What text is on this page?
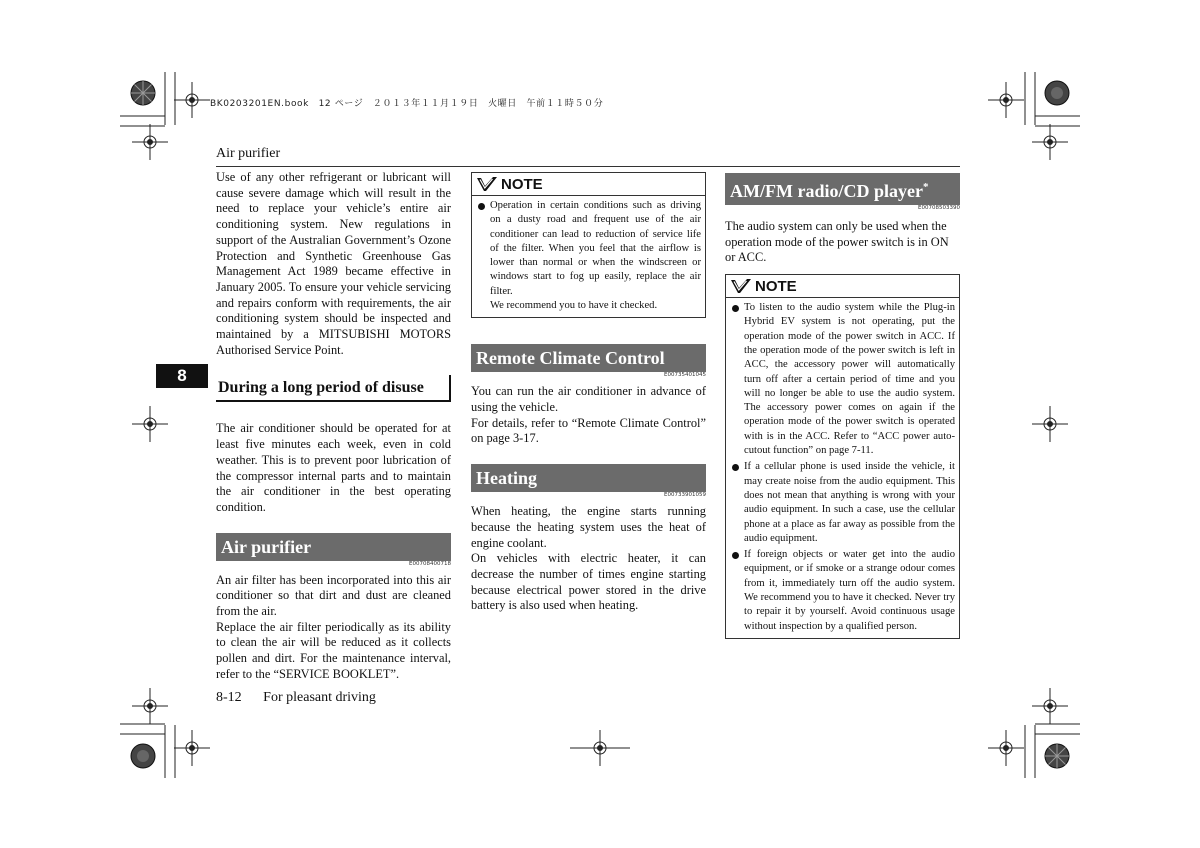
BK0203201EN.book　12 ページ　２０１３年１１月１９日　火曜日　午前１１時５０分
Air purifier
8

Use of any other refrigerant or lubricant will cause severe damage which will result in the need to replace your vehicle’s entire air conditioning system. New regulations in support of the Australian Government’s Ozone Protection and Synthetic Greenhouse Gas Management Act 1989 became effective in January 2005. To ensure your vehicle servicing and repairs conform with requirements, the air conditioning system should be inspected and maintained by a MITSUBISHI MOTORS Authorised Service Point.

During a long period of disuse

The air conditioner should be operated for at least five minutes each week, even in cold weather. This is to prevent poor lubrication of the compressor internal parts and to maintain the air conditioner in the best operating condition.

Air purifier
E00708400718

An air filter has been incorporated into this air conditioner so that dirt and dust are cleaned from the air.

Replace the air filter periodically as its ability to clean the air will be reduced as it collects pollen and dirt. For the maintenance interval, refer to the “SERVICE BOOKLET”.

NOTE

Operation in certain conditions such as driving on a dusty road and frequent use of the air conditioner can lead to reduction of service life of the filter. When you feel that the airflow is lower than normal or when the windscreen or windows start to fog up easily, replace the air filter.

We recommend you to have it checked.

Remote Climate Control
E00735401045

You can run the air conditioner in advance of using the vehicle.

For details, refer to “Remote Climate Control” on page 3-17.

Heating
E00733901059

When heating, the engine starts running because the heating system uses the heat of engine coolant.

On vehicles with electric heater, it can decrease the number of times engine starting because electrical power stored in the drive battery is also used when heating.

AM/FM radio/CD player*
E00708503390

The audio system can only be used when the operation mode of the power switch is in ON or ACC.

NOTE

To listen to the audio system while the Plug-in Hybrid EV system is not operating, put the operation mode of the power switch in ACC. If the operation mode of the power switch is left in ACC, the accessory power will automatically turn off after a certain period of time and you will no longer be able to use the audio system. The accessory power comes on again if the operation mode of the power switch is operated with is in the ACC. Refer to “ACC power auto-cutout function” on page 7-11.

If a cellular phone is used inside the vehicle, it may create noise from the audio equipment. This does not mean that anything is wrong with your audio equipment. In such a case, use the cellular phone at a place as far away as possible from the audio equipment.

If foreign objects or water get into the audio equipment, or if smoke or a strange odour comes from it, immediately turn off the audio system. We recommend you to have it checked. Never try to repair it by yourself. Avoid continuous usage without inspection by a qualified person.

8-12 For pleasant driving
